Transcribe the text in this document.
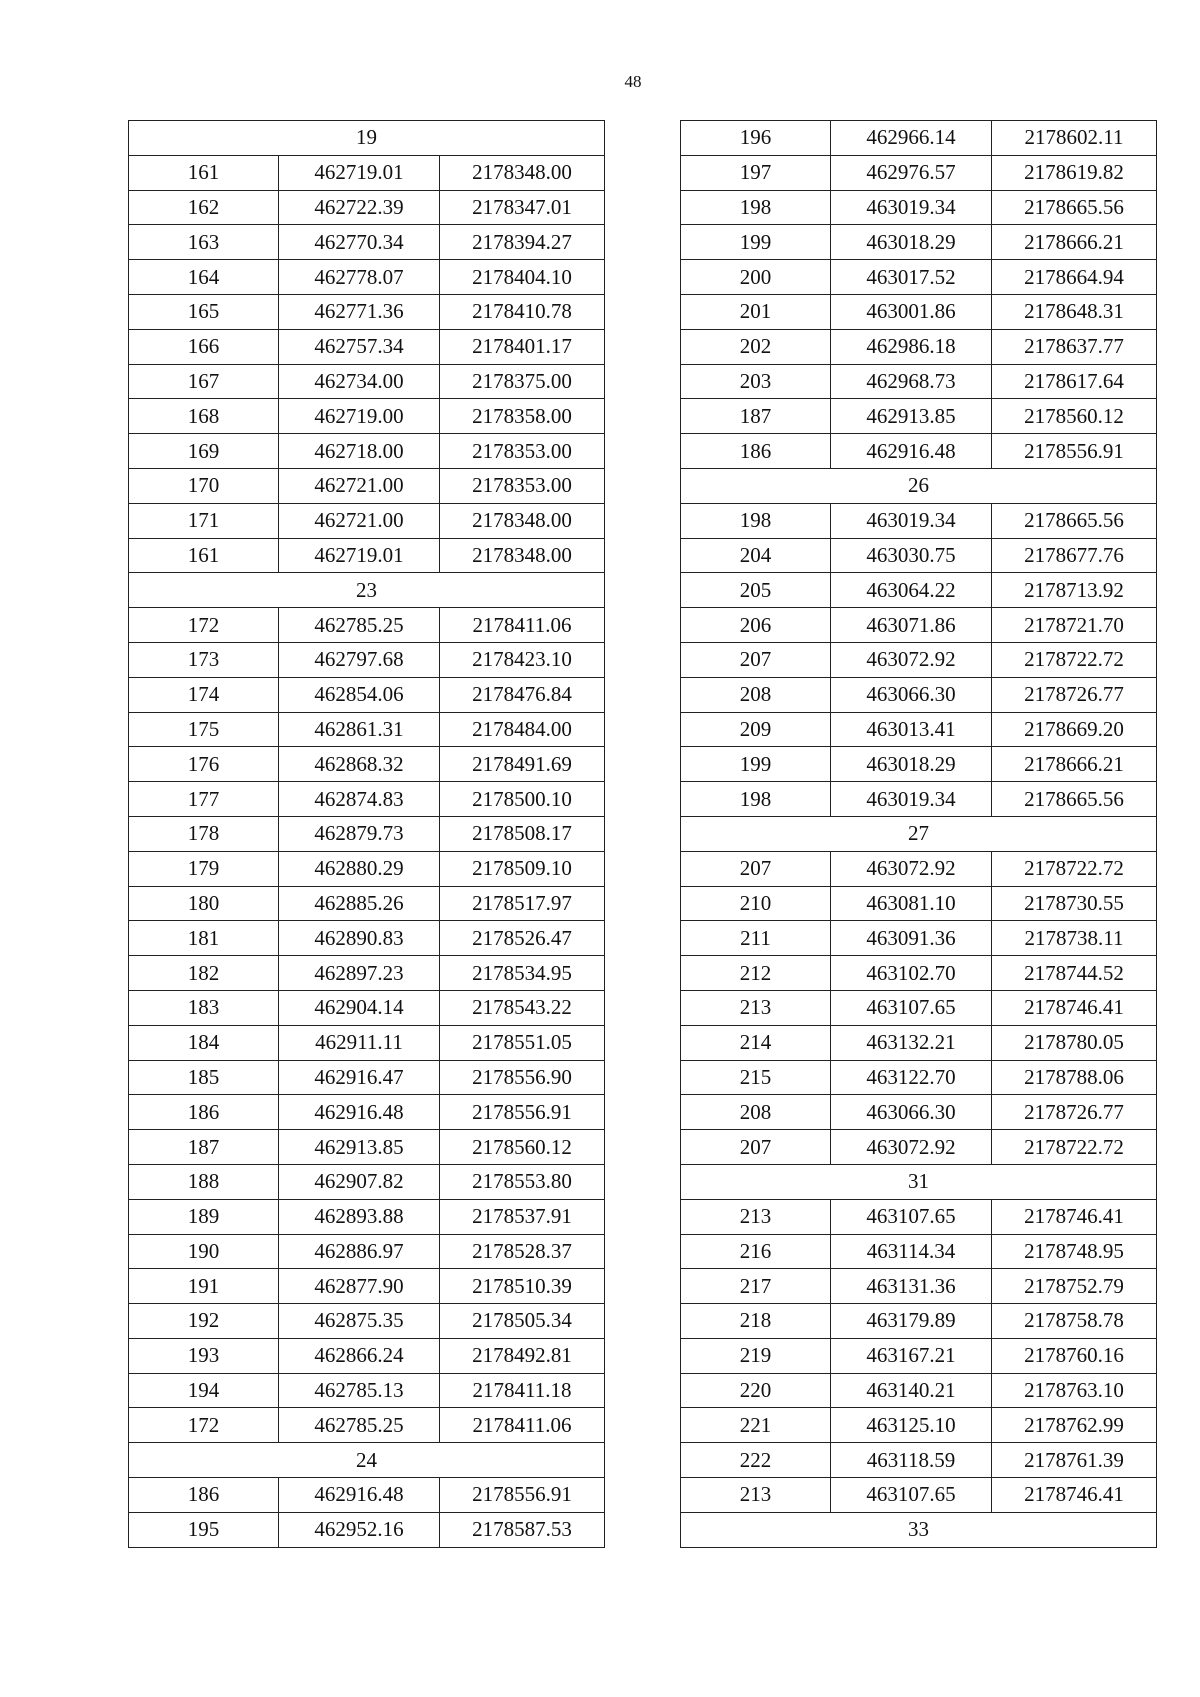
48
19		
161	462719.01	2178348.00
162	462722.39	2178347.01
163	462770.34	2178394.27
164	462778.07	2178404.10
165	462771.36	2178410.78
166	462757.34	2178401.17
167	462734.00	2178375.00
168	462719.00	2178358.00
169	462718.00	2178353.00
170	462721.00	2178353.00
171	462721.00	2178348.00
161	462719.01	2178348.00
23		
172	462785.25	2178411.06
173	462797.68	2178423.10
174	462854.06	2178476.84
175	462861.31	2178484.00
176	462868.32	2178491.69
177	462874.83	2178500.10
178	462879.73	2178508.17
179	462880.29	2178509.10
180	462885.26	2178517.97
181	462890.83	2178526.47
182	462897.23	2178534.95
183	462904.14	2178543.22
184	462911.11	2178551.05
185	462916.47	2178556.90
186	462916.48	2178556.91
187	462913.85	2178560.12
188	462907.82	2178553.80
189	462893.88	2178537.91
190	462886.97	2178528.37
191	462877.90	2178510.39
192	462875.35	2178505.34
193	462866.24	2178492.81
194	462785.13	2178411.18
172	462785.25	2178411.06
24		
186	462916.48	2178556.91
195	462952.16	2178587.53
196	462966.14	2178602.11
197	462976.57	2178619.82
198	463019.34	2178665.56
199	463018.29	2178666.21
200	463017.52	2178664.94
201	463001.86	2178648.31
202	462986.18	2178637.77
203	462968.73	2178617.64
187	462913.85	2178560.12
186	462916.48	2178556.91
26		
198	463019.34	2178665.56
204	463030.75	2178677.76
205	463064.22	2178713.92
206	463071.86	2178721.70
207	463072.92	2178722.72
208	463066.30	2178726.77
209	463013.41	2178669.20
199	463018.29	2178666.21
198	463019.34	2178665.56
27		
207	463072.92	2178722.72
210	463081.10	2178730.55
211	463091.36	2178738.11
212	463102.70	2178744.52
213	463107.65	2178746.41
214	463132.21	2178780.05
215	463122.70	2178788.06
208	463066.30	2178726.77
207	463072.92	2178722.72
31		
213	463107.65	2178746.41
216	463114.34	2178748.95
217	463131.36	2178752.79
218	463179.89	2178758.78
219	463167.21	2178760.16
220	463140.21	2178763.10
221	463125.10	2178762.99
222	463118.59	2178761.39
213	463107.65	2178746.41
33		
